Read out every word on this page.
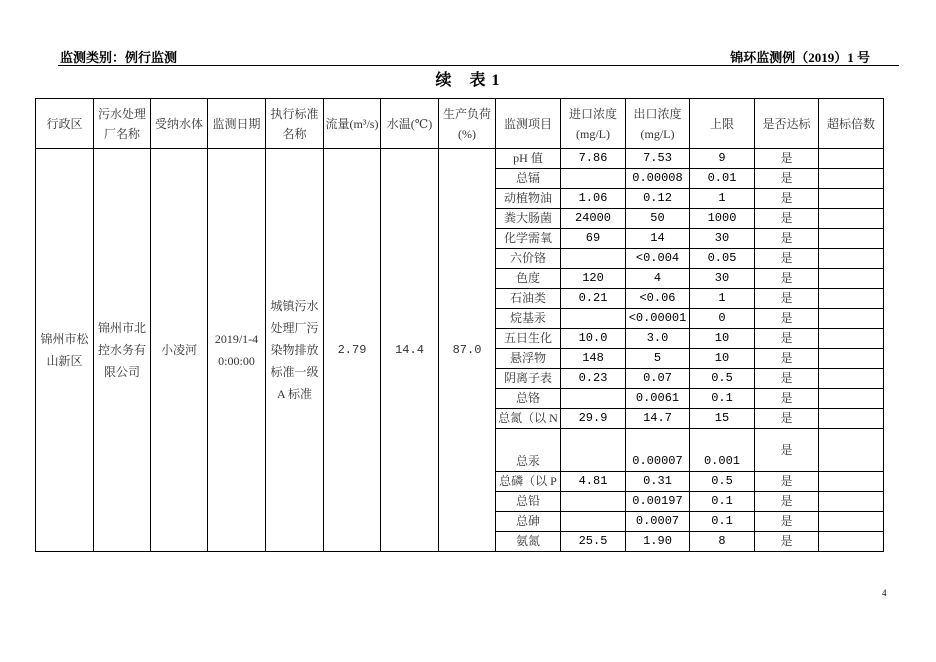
监测类别：例行监测	锦环监测例（2019）1 号
续　表 1
行政区	污水处理厂名称	受纳水体	监测日期	执行标准名称	流量(m³/s)	水温(℃)	生产负荷(%)	监测项目	进口浓度(mg/L)	出口浓度(mg/L)	上限	是否达标	超标倍数
锦州市松山新区	锦州市北控水务有限公司	小凌河	2019/1-4 0:00:00	城镇污水处理厂污染物排放标准一级 A 标准	2.79	14.4	87.0	pH 值	7.86	7.53	9	是	
								总镉		0.00008	0.01	是	
								动植物油	1.06	0.12	1	是	
								粪大肠菌	24000	50	1000	是	
								化学需氧	69	14	30	是	
								六价铬		<0.004	0.05	是	
								色度	120	4	30	是	
								石油类	0.21	<0.06	1	是	
								烷基汞		<0.00001	0	是	
								五日生化	10.0	3.0	10	是	
								悬浮物	148	5	10	是	
								阴离子表	0.23	0.07	0.5	是	
								总铬		0.0061	0.1	是	
								总氮（以 N	29.9	14.7	15	是	
								总汞		0.00007	0.001	是	
								总磷（以 P	4.81	0.31	0.5	是	
								总铅		0.00197	0.1	是	
								总砷		0.0007	0.1	是	
								氨氮	25.5	1.90	8	是	
4
